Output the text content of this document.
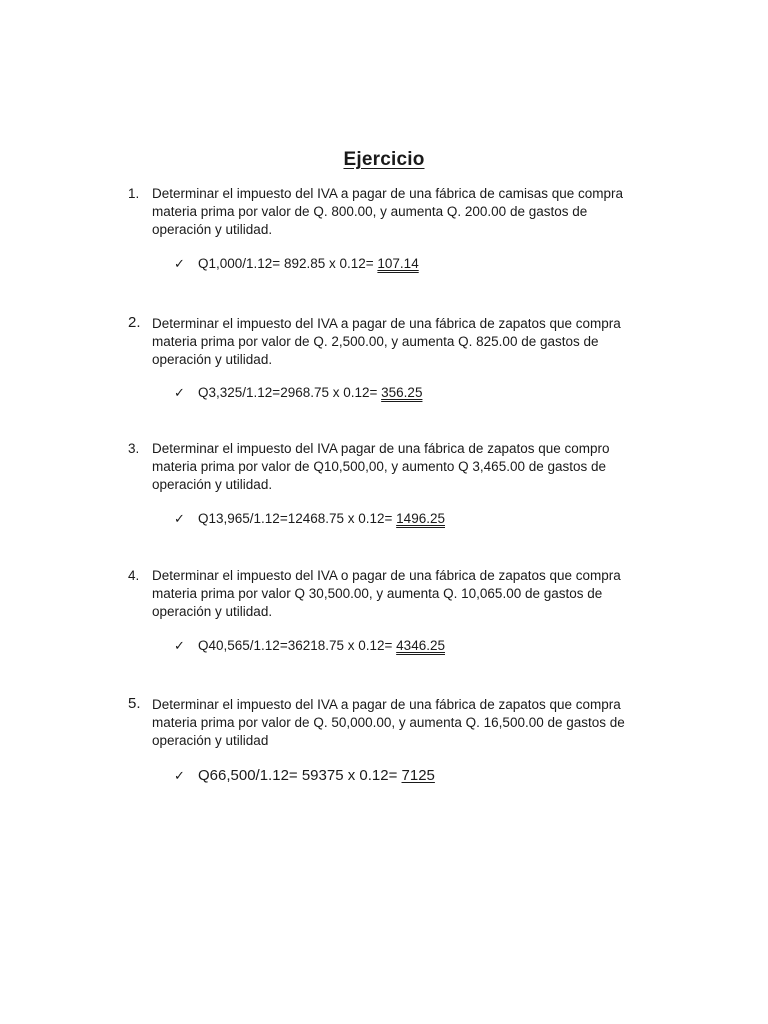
Ejercicio
1. Determinar el impuesto del IVA a pagar de una fábrica de camisas que compra
materia prima por valor de Q. 800.00, y aumenta Q. 200.00 de gastos de
operación y utilidad.
✓ Q1,000/1.12= 892.85 x 0.12= 107.14
2. Determinar el impuesto del IVA a pagar de una fábrica de zapatos que compra
materia prima por valor de Q. 2,500.00, y aumenta Q. 825.00 de gastos de
operación y utilidad.
✓ Q3,325/1.12=2968.75 x 0.12= 356.25
3. Determinar el impuesto del IVA pagar de una fábrica de zapatos que compro
materia prima por valor de Q10,500,00, y aumento Q 3,465.00 de gastos de
operación y utilidad.
✓ Q13,965/1.12=12468.75 x 0.12= 1496.25
4. Determinar el impuesto del IVA o pagar de una fábrica de zapatos que compra
materia prima por valor Q 30,500.00, y aumenta Q. 10,065.00 de gastos de
operación y utilidad.
✓ Q40,565/1.12=36218.75 x 0.12= 4346.25
5. Determinar el impuesto del IVA a pagar de una fábrica de zapatos que compra
materia prima por valor de Q. 50,000.00, y aumenta Q. 16,500.00 de gastos de
operación y utilidad
✓ Q66,500/1.12= 59375 x 0.12= 7125
